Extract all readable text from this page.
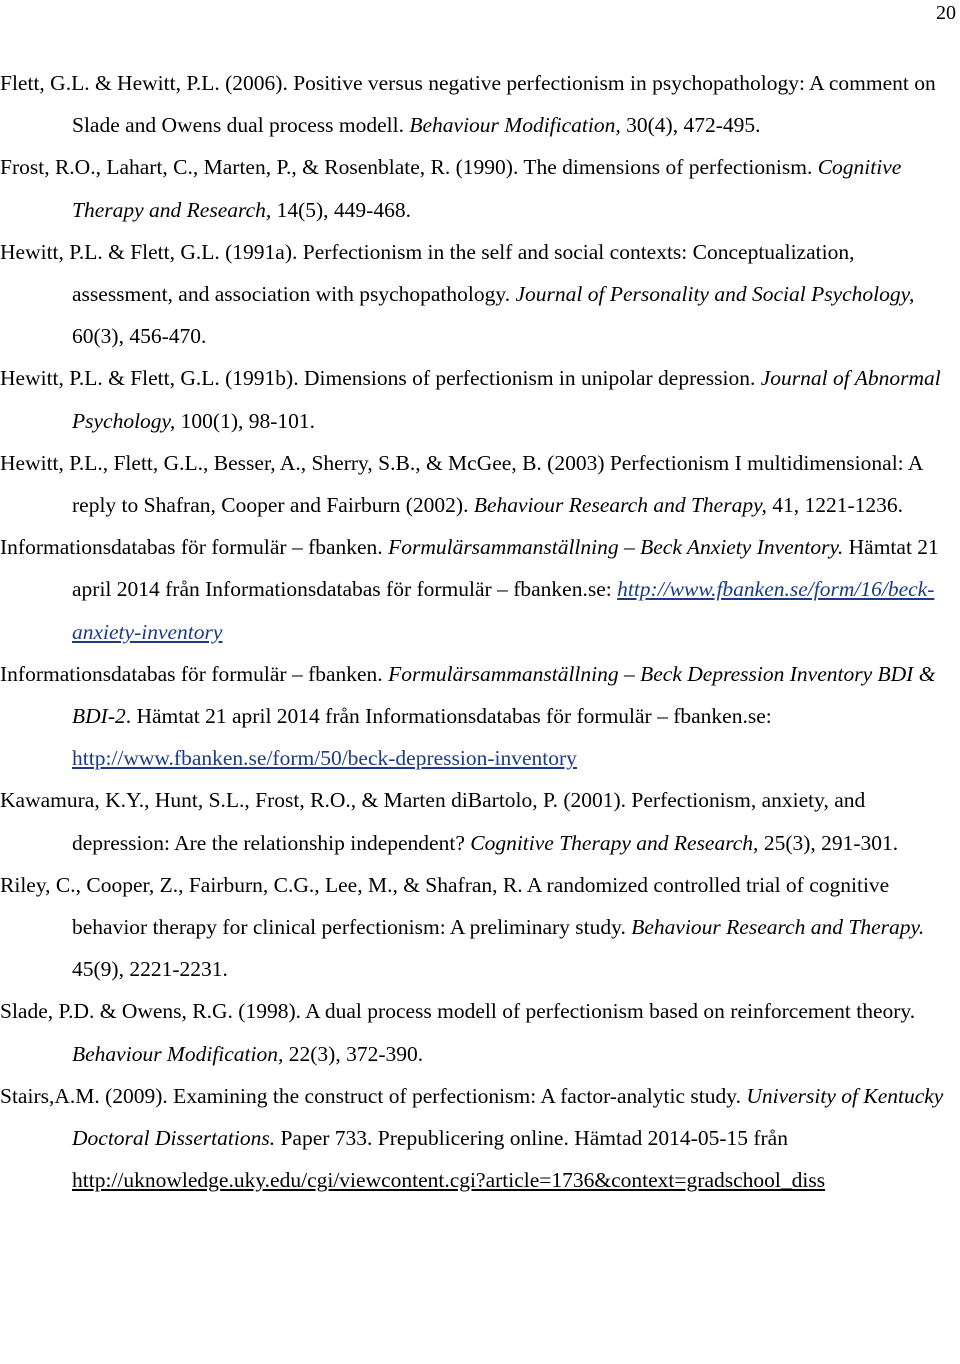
20

Flett, G.L. & Hewitt, P.L. (2006). Positive versus negative perfectionism in psychopathology: A comment on Slade and Owens dual process modell. Behaviour Modification, 30(4), 472-495.

Frost, R.O., Lahart, C., Marten, P., & Rosenblate, R. (1990). The dimensions of perfectionism. Cognitive Therapy and Research, 14(5), 449-468.

Hewitt, P.L. & Flett, G.L. (1991a). Perfectionism in the self and social contexts: Conceptualization, assessment, and association with psychopathology. Journal of Personality and Social Psychology, 60(3), 456-470.

Hewitt, P.L. & Flett, G.L. (1991b). Dimensions of perfectionism in unipolar depression. Journal of Abnormal Psychology, 100(1), 98-101.

Hewitt, P.L., Flett, G.L., Besser, A., Sherry, S.B., & McGee, B. (2003) Perfectionism I multidimensional: A reply to Shafran, Cooper and Fairburn (2002). Behaviour Research and Therapy, 41, 1221-1236.

Informationsdatabas för formulär – fbanken. Formulärsammanställning – Beck Anxiety Inventory. Hämtat 21 april 2014 från Informationsdatabas för formulär – fbanken.se: http://www.fbanken.se/form/16/beck-anxiety-inventory

Informationsdatabas för formulär – fbanken. Formulärsammanställning – Beck Depression Inventory BDI & BDI-2. Hämtat 21 april 2014 från Informationsdatabas för formulär – fbanken.se: http://www.fbanken.se/form/50/beck-depression-inventory

Kawamura, K.Y., Hunt, S.L., Frost, R.O., & Marten diBartolo, P. (2001). Perfectionism, anxiety, and depression: Are the relationship independent? Cognitive Therapy and Research, 25(3), 291-301.

Riley, C., Cooper, Z., Fairburn, C.G., Lee, M., & Shafran, R. A randomized controlled trial of cognitive behavior therapy for clinical perfectionism: A preliminary study. Behaviour Research and Therapy. 45(9), 2221-2231.

Slade, P.D. & Owens, R.G. (1998). A dual process modell of perfectionism based on reinforcement theory. Behaviour Modification, 22(3), 372-390.

Stairs,A.M. (2009). Examining the construct of perfectionism: A factor-analytic study. University of Kentucky Doctoral Dissertations. Paper 733. Prepublicering online. Hämtad 2014-05-15 från http://uknowledge.uky.edu/cgi/viewcontent.cgi?article=1736&context=gradschool_diss
